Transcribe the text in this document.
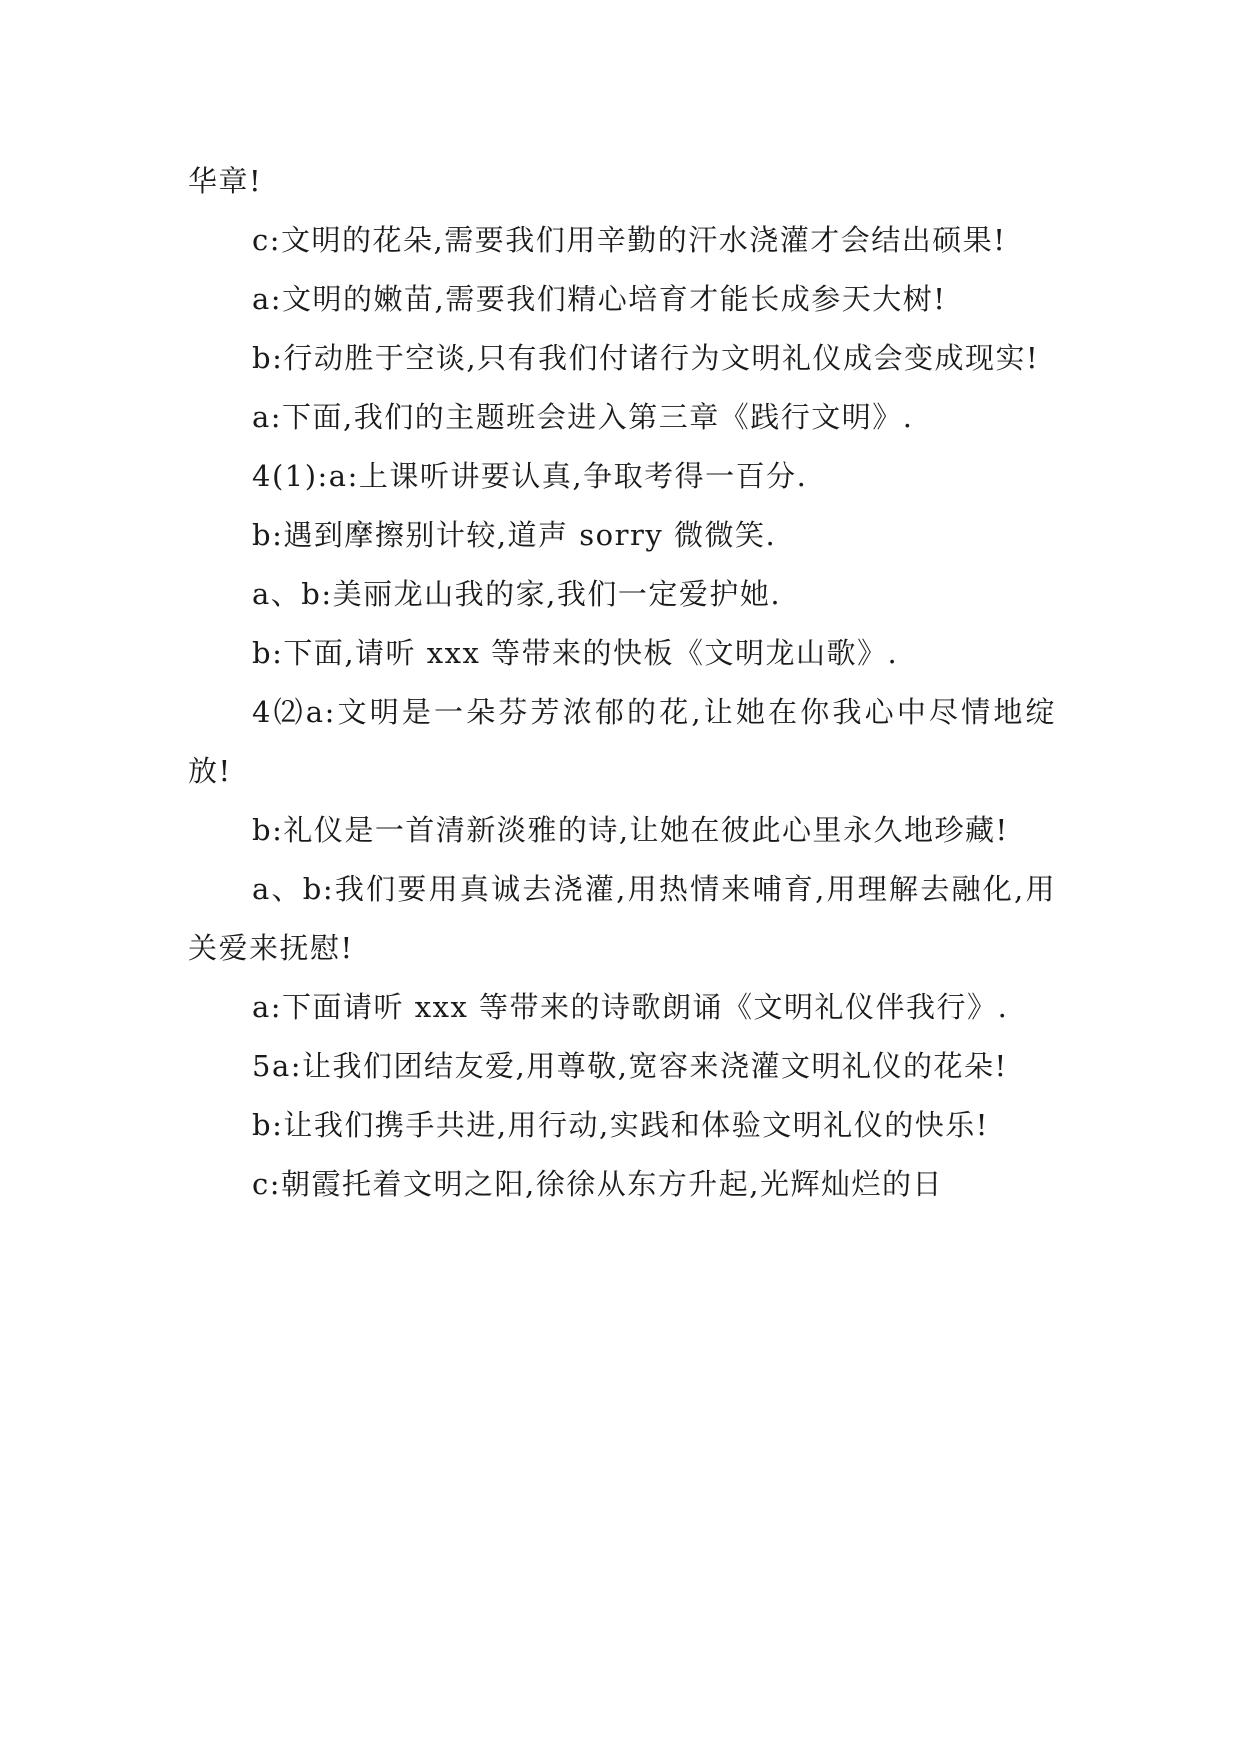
华章!

c:文明的花朵,需要我们用辛勤的汗水浇灌才会结出硕果!

a:文明的嫩苗,需要我们精心培育才能长成参天大树!

b:行动胜于空谈,只有我们付诸行为文明礼仪成会变成现实!

a:下面,我们的主题班会进入第三章《践行文明》.

4(1):a:上课听讲要认真,争取考得一百分.

b:遇到摩擦别计较,道声 sorry 微微笑.

a、b:美丽龙山我的家,我们一定爱护她.

b:下面,请听 xxx 等带来的快板《文明龙山歌》.

4⑵a:文明是一朵芬芳浓郁的花,让她在你我心中尽情地绽放!

b:礼仪是一首清新淡雅的诗,让她在彼此心里永久地珍藏!

a、b:我们要用真诚去浇灌,用热情来哺育,用理解去融化,用关爱来抚慰!

a:下面请听 xxx 等带来的诗歌朗诵《文明礼仪伴我行》.

5a:让我们团结友爱,用尊敬,宽容来浇灌文明礼仪的花朵!

b:让我们携手共进,用行动,实践和体验文明礼仪的快乐!

c:朝霞托着文明之阳,徐徐从东方升起,光辉灿烂的日
